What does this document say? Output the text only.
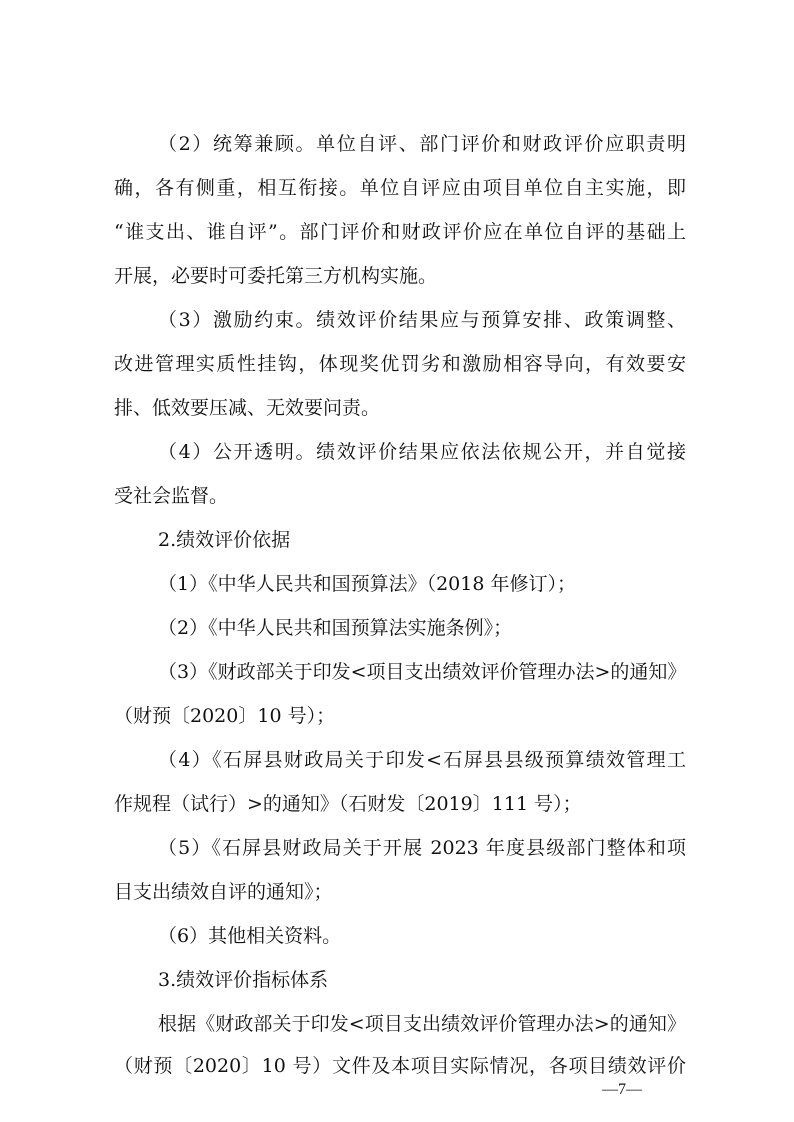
（2）统筹兼顾。单位自评、部门评价和财政评价应职责明
确，各有侧重，相互衔接。单位自评应由项目单位自主实施，即
“谁支出、谁自评”。部门评价和财政评价应在单位自评的基础上
开展，必要时可委托第三方机构实施。
（3）激励约束。绩效评价结果应与预算安排、政策调整、
改进管理实质性挂钩，体现奖优罚劣和激励相容导向，有效要安
排、低效要压减、无效要问责。
（4）公开透明。绩效评价结果应依法依规公开，并自觉接
受社会监督。
2.绩效评价依据
（1）《中华人民共和国预算法》（2018 年修订）；
（2）《中华人民共和国预算法实施条例》；
（3）《财政部关于印发<项目支出绩效评价管理办法>的通知》
（财预〔2020〕10 号）；
（4）《石屏县财政局关于印发<石屏县县级预算绩效管理工
作规程（试行）>的通知》（石财发〔2019〕111 号）；
（5）《石屏县财政局关于开展 2023 年度县级部门整体和项
目支出绩效自评的通知》；
（6）其他相关资料。
3.绩效评价指标体系
根据《财政部关于印发<项目支出绩效评价管理办法>的通知》
（财预〔2020〕10 号）文件及本项目实际情况，各项目绩效评价
—7—
